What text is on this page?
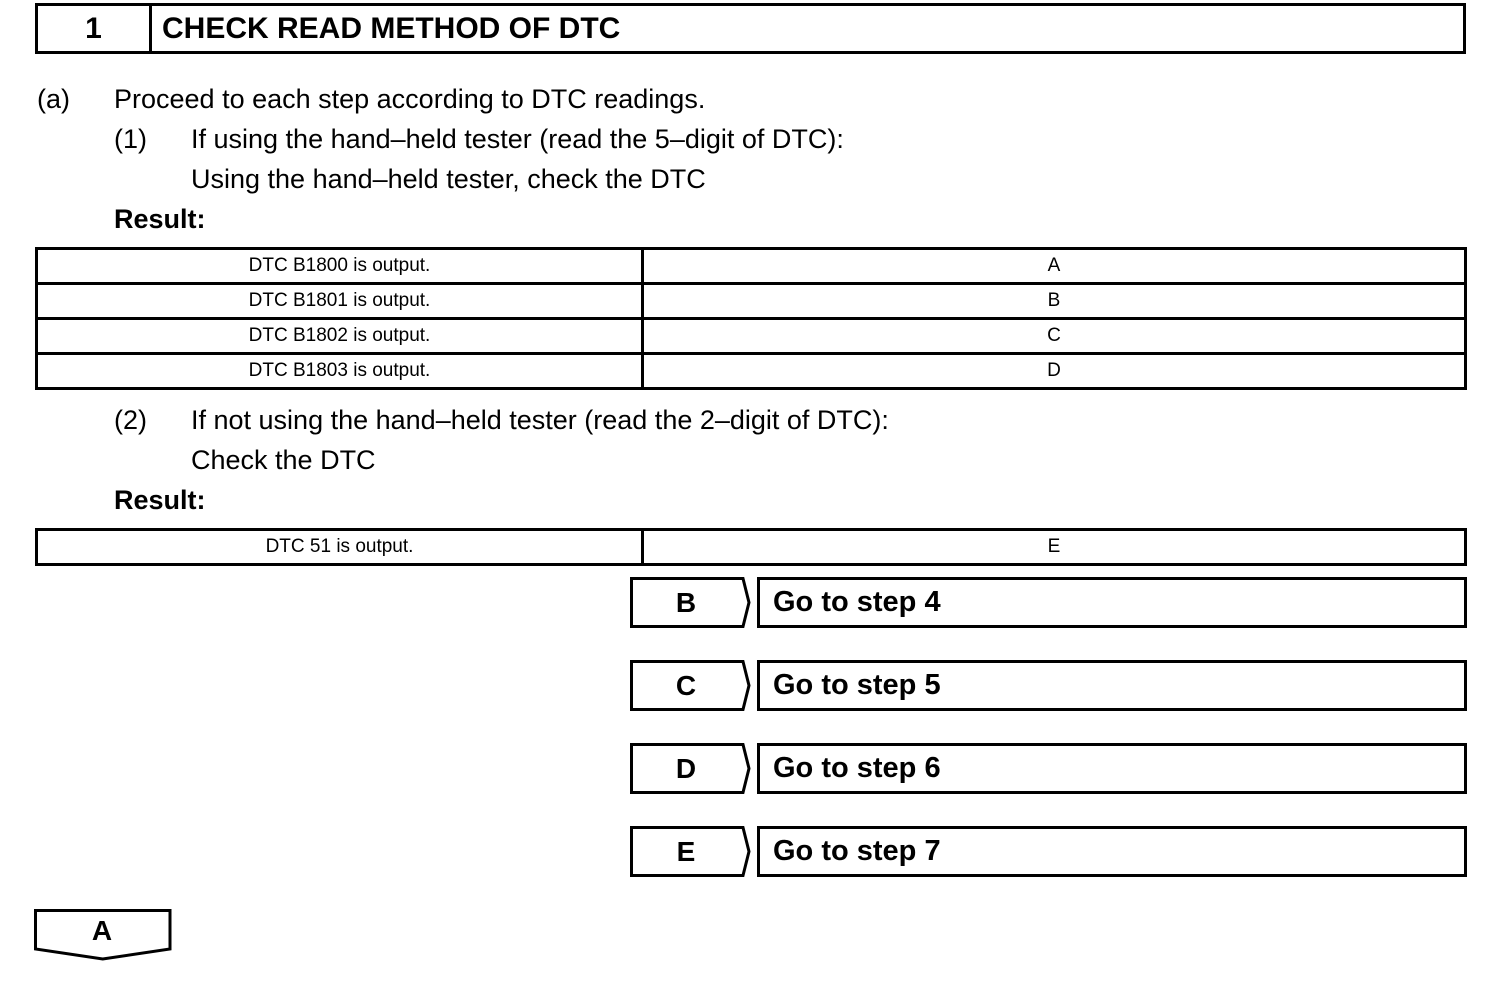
1	CHECK READ METHOD OF DTC
(a) Proceed to each step according to DTC readings.
(1) If using the hand–held tester (read the 5–digit of DTC):
Using the hand–held tester, check the DTC
Result:
DTC B1800 is output.	A
DTC B1801 is output.	B
DTC B1802 is output.	C
DTC B1803 is output.	D
(2) If not using the hand–held tester (read the 2–digit of DTC):
Check the DTC
Result:
DTC 51 is output.	E
B	Go to step 4
C	Go to step 5
D	Go to step 6
E	Go to step 7
A
